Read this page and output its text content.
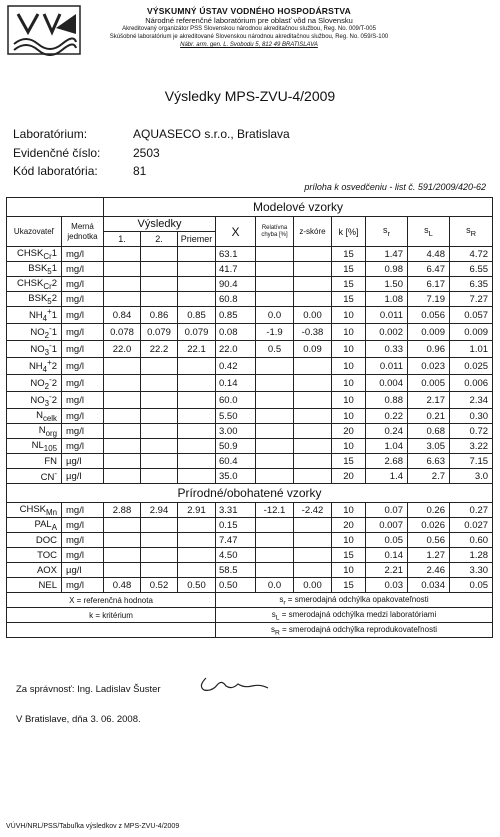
VÝSKUMNÝ ÚSTAV VODNÉHO HOSPODÁRSTVA
Národné referenčné laboratórium pre oblasť vôd na Slovensku
Akreditovaný organizátor PSS Slovenskou národnou akreditačnou službou, Reg. No. 009/T-005
Skúšobné laboratórium je akreditované Slovenskou národnou akreditačnou službou, Reg. No. 059/S-100
Nábr. arm. gen. L. Svobodu 5, 812 49 BRATISLAVA
Výsledky MPS-ZVU-4/2009
Laboratórium:	AQUASECO s.r.o., Bratislava
Evidenčné číslo:	2503
Kód laboratória:	81
príloha k osvedčeniu - list č. 591/2009/420-62
		Modelové vzorky									
Ukazovateľ	Merná jednotka	Výsledky			X	Relatívna chyba [%]	z-skóre	k [%]	$s_r$	$s_L$	$s_R$
		1.	2.	Priemer							
$CHSK_{Cr}1$	mg/l				63.1			15	1.47	4.48	4.72
$BSK_51$	mg/l				41.7			15	0.98	6.47	6.55
$CHSK_{Cr}2$	mg/l				90.4			15	1.50	6.17	6.35
$BSK_52$	mg/l				60.8			15	1.08	7.19	7.27
$NH_4^+1$	mg/l	0.84	0.86	0.85	0.85	0.0	0.00	10	0.011	0.056	0.057
$NO_2^-1$	mg/l	0.078	0.079	0.079	0.08	-1.9	-0.38	10	0.002	0.009	0.009
$NO_3^-1$	mg/l	22.0	22.2	22.1	22.0	0.5	0.09	10	0.33	0.96	1.01
$NH_4^+2$	mg/l				0.42			10	0.011	0.023	0.025
$NO_2^-2$	mg/l				0.14			10	0.004	0.005	0.006
$NO_3^-2$	mg/l				60.0			10	0.88	2.17	2.34
$N_{celk}$	mg/l				5.50			10	0.22	0.21	0.30
$N_{org}$	mg/l				3.00			20	0.24	0.68	0.72
$NL_{105}$	mg/l				50.9			10	1.04	3.05	3.22
FN	µg/l				60.4			15	2.68	6.63	7.15
CN-	µg/l				35.0			20	1.4	2.7	3.0
Prírodné/obohatené vzorky											
$CHSK_{Mn}$	mg/l	2.88	2.94	2.91	3.31	-12.1	-2.42	10	0.07	0.26	0.27
$PAL_A$	mg/l				0.15			20	0.007	0.026	0.027
DOC	mg/l				7.47			10	0.05	0.56	0.60
TOC	mg/l				4.50			15	0.14	1.27	1.28
AOX	µg/l				58.5			10	2.21	2.46	3.30
NEL	mg/l	0.48	0.52	0.50	0.50	0.0	0.00	15	0.03	0.034	0.05
X = referenčná hodnota					$s_r$ = smerodajná odchýlka opakovateľnosti						
k = kritérium					$s_L$ = smerodajná odchýlka medzi laboratóriami						
					$s_R$ = smerodajná odchýlka reprodukovateľnosti						
Za správnosť: Ing. Ladislav Šuster
V Bratislave, dňa 3. 06. 2008.
VÚVH/NRL/PSS/Tabuľka výsledkov z MPS-ZVU-4/2009
